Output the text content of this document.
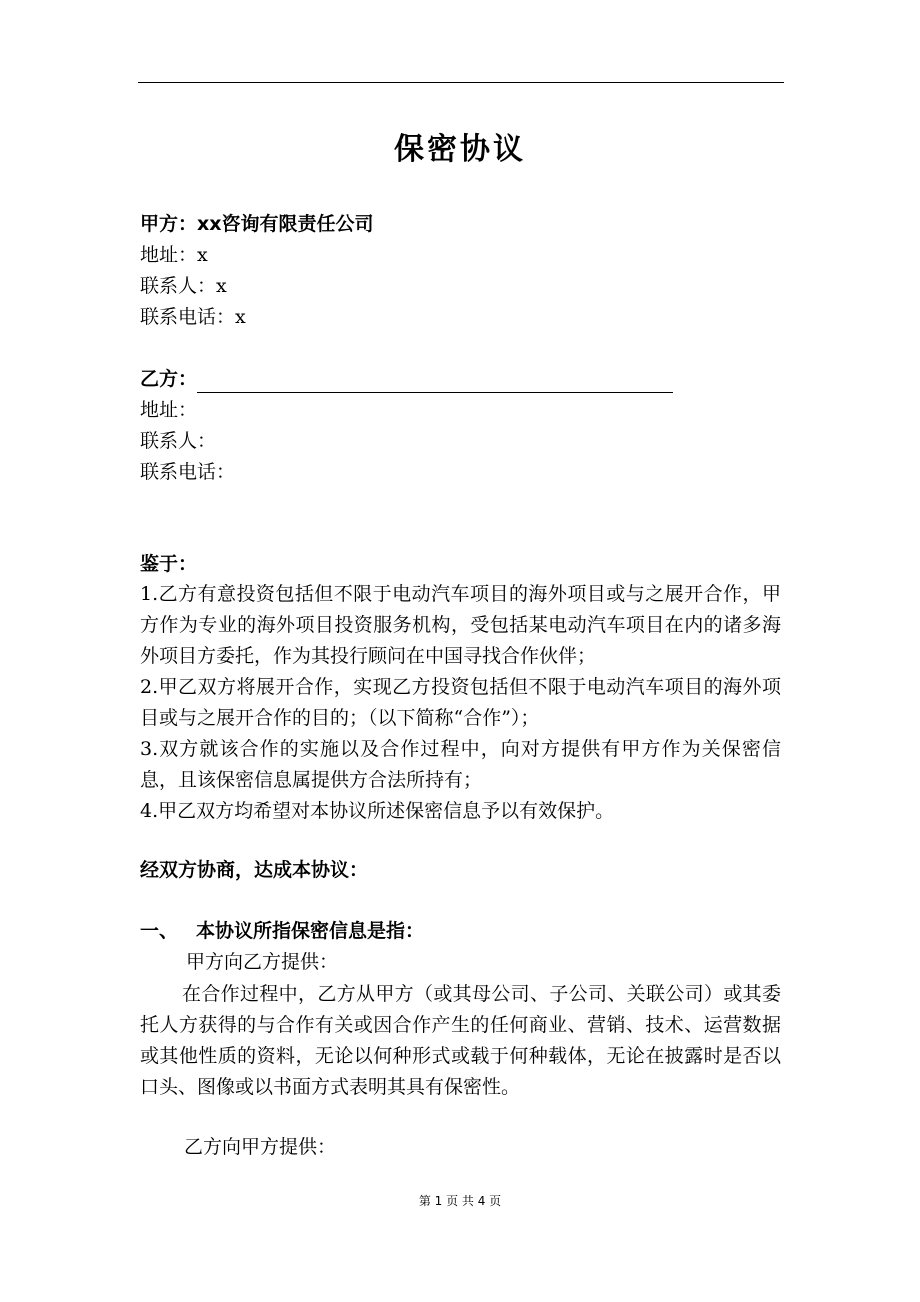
保密协议
甲方：xx咨询有限责任公司
地址：x
联系人：x
联系电话：x
乙方：
地址：
联系人：
联系电话：
鉴于：

1.乙方有意投资包括但不限于电动汽车项目的海外项目或与之展开合作，甲方作为专业的海外项目投资服务机构，受包括某电动汽车项目在内的诸多海外项目方委托，作为其投行顾问在中国寻找合作伙伴；

2.甲乙双方将展开合作，实现乙方投资包括但不限于电动汽车项目的海外项目或与之展开合作的目的；（以下简称“合作”）；

3.双方就该合作的实施以及合作过程中，向对方提供有甲方作为关保密信息，且该保密信息属提供方合法所持有；

4.甲乙双方均希望对本协议所述保密信息予以有效保护。

经双方协商，达成本协议：
一、 本协议所指保密信息是指：
甲方向乙方提供：

在合作过程中，乙方从甲方（或其母公司、子公司、关联公司）或其委托人方获得的与合作有关或因合作产生的任何商业、营销、技术、运营数据或其他性质的资料，无论以何种形式或载于何种载体，无论在披露时是否以口头、图像或以书面方式表明其具有保密性。

乙方向甲方提供：
第 1 页 共 4 页
